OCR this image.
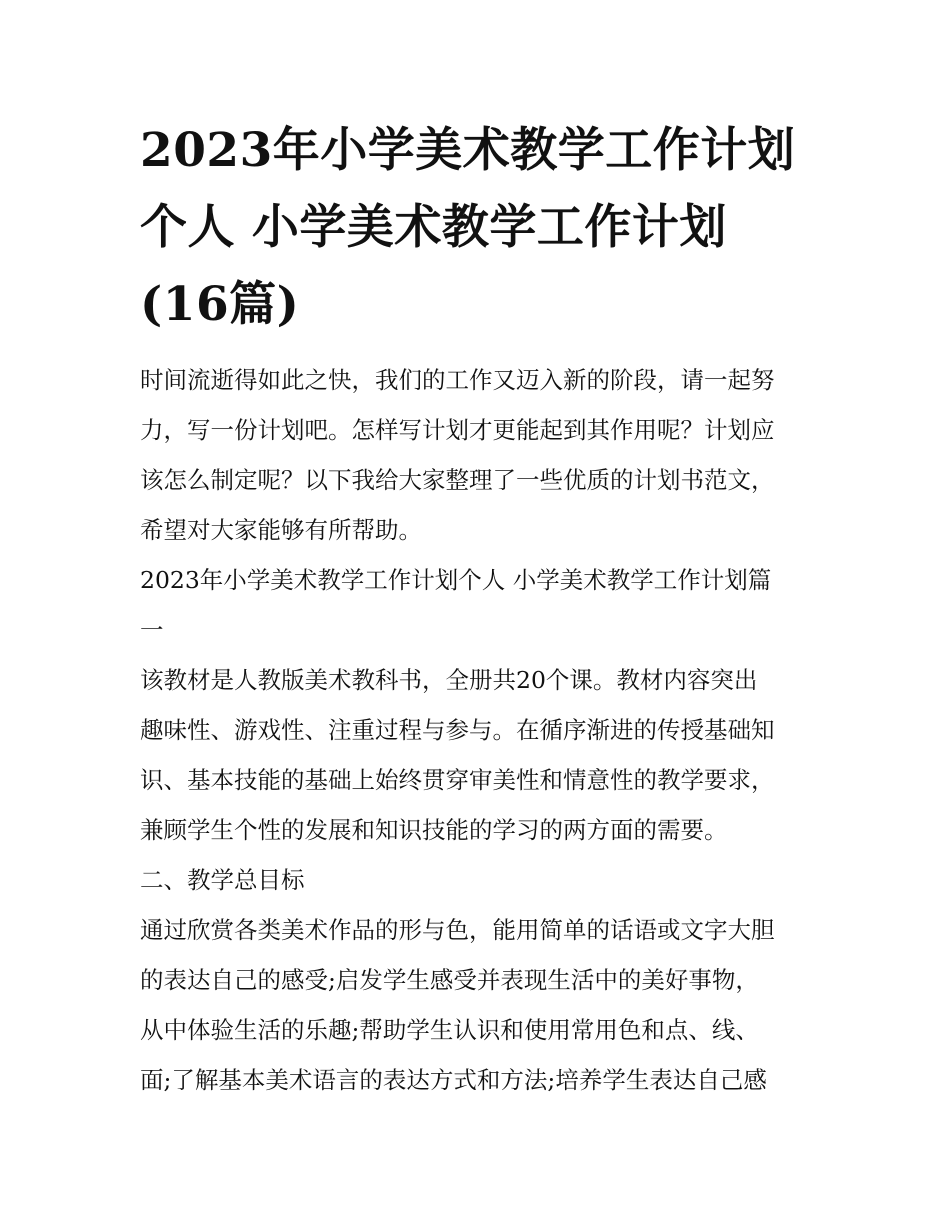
2023年小学美术教学工作计划
个人 小学美术教学工作计划
(16篇)

时间流逝得如此之快，我们的工作又迈入新的阶段，请一起努
力，写一份计划吧。怎样写计划才更能起到其作用呢？计划应
该怎么制定呢？以下我给大家整理了一些优质的计划书范文，
希望对大家能够有所帮助。

2023年小学美术教学工作计划个人 小学美术教学工作计划篇
一

该教材是人教版美术教科书，全册共20个课。教材内容突出
趣味性、游戏性、注重过程与参与。在循序渐进的传授基础知
识、基本技能的基础上始终贯穿审美性和情意性的教学要求，
兼顾学生个性的发展和知识技能的学习的两方面的需要。

二、教学总目标

通过欣赏各类美术作品的形与色，能用简单的话语或文字大胆
的表达自己的感受;启发学生感受并表现生活中的美好事物，
从中体验生活的乐趣;帮助学生认识和使用常用色和点、线、
面;了解基本美术语言的表达方式和方法;培养学生表达自己感
